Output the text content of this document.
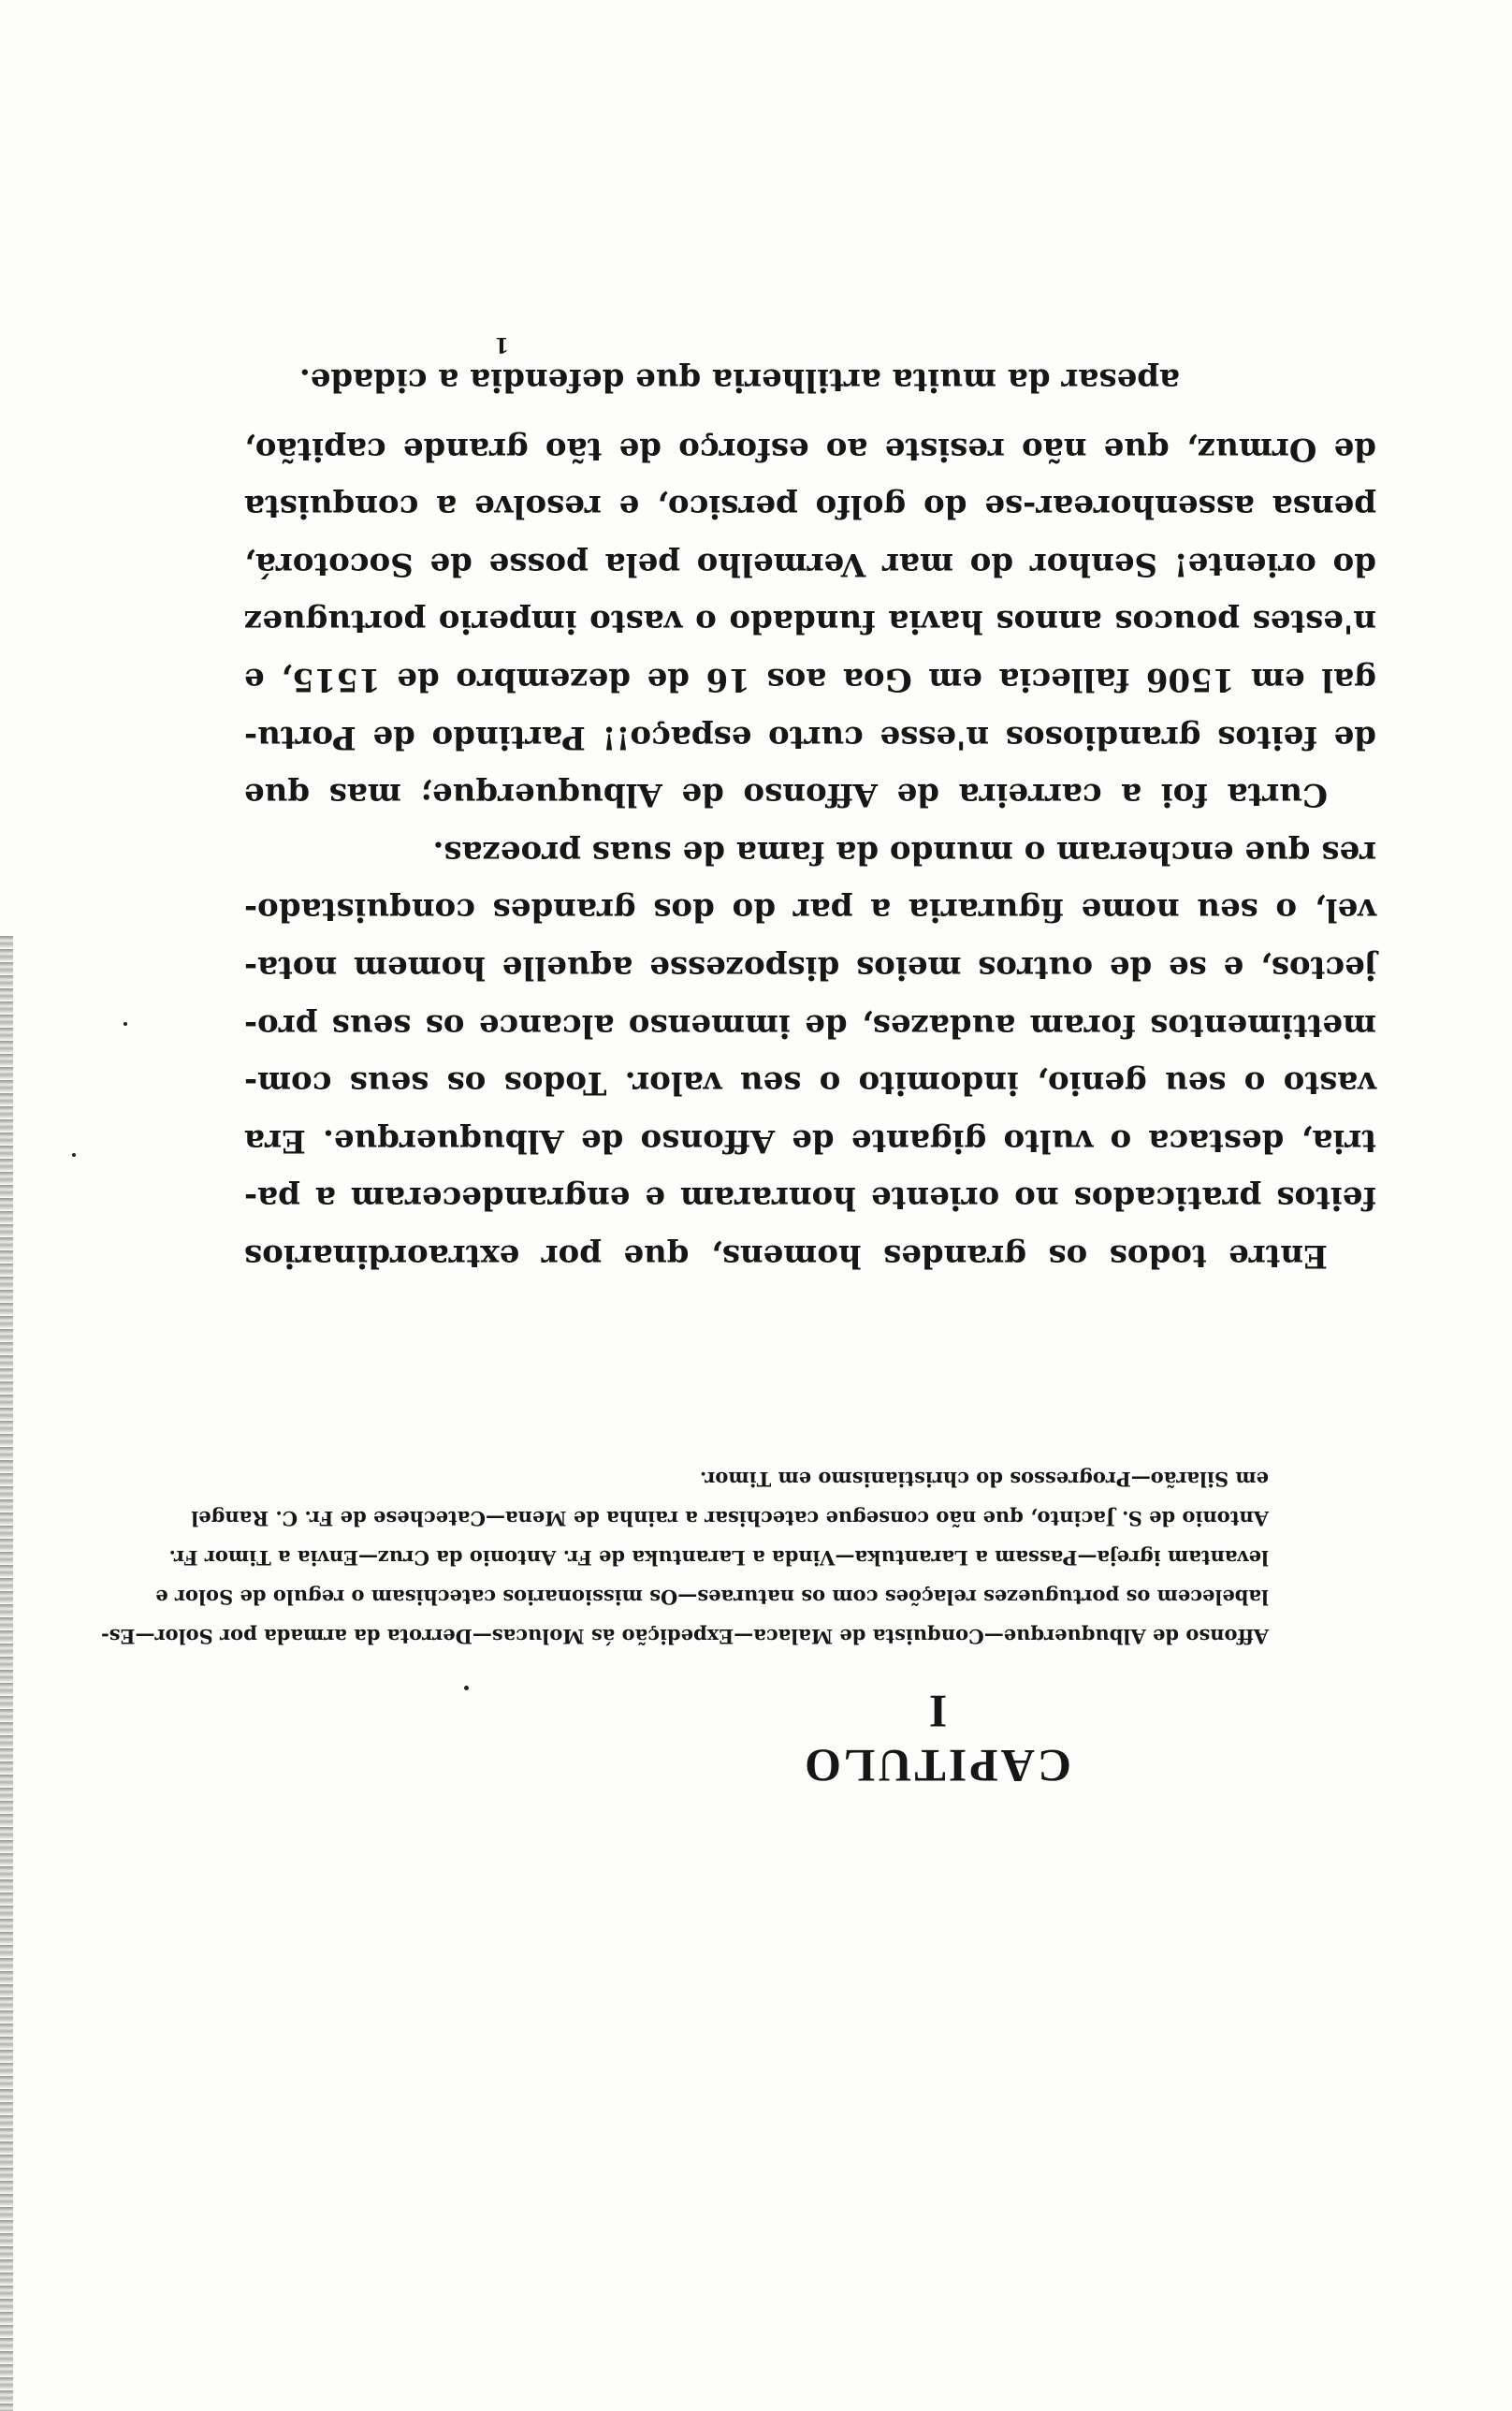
CAPITULO I
Affonso de Albuquerque—Conquista de Malaca—Expedição ás Molucas—Derrota da armada por Solor—Es-
labelecem os portuguezes relações com os naturaes—Os missionarios catechisam o regulo de Solor e
levantam igreja—Passam a Larantuka—Vinda a Larantuka de Fr. Antonio da Cruz—Envia a Timor Fr.
Antonio de S. Jacinto, que não consegue catechisar a rainha de Mena—Catechese de Fr. C. Rangel
em Silarão—Progressos do christianismo em Timor.
Entre todos os grandes homens, que por extraordinarios
feitos praticados no oriente honraram e engrandeceram a pa-
tria, destaca o vulto gigante de Affonso de Albuquerque. Era
vasto o seu genio, indomito o seu valor. Todos os seus com-
mettimentos foram audazes, de immenso alcance os seus pro-
jectos, e se de outros meios dispozesse aquelle homem nota-
vel, o seu nome figuraria a par do dos grandes conquistado-
res que encheram o mundo da fama de suas proezas.
Curta foi a carreira de Affonso de Albuquerque; mas que
de feitos grandiosos n'esse curto espaço!! Partindo de Portu-
gal em 1506 fallecia em Goa aos 16 de dezembro de 1515, e
n'estes poucos annos havia fundado o vasto imperio portuguez
do oriente! Senhor do mar Vermelho pela posse de Socotorá,
pensa assenhorear-se do golfo persico, e resolve a conquista
de Ormuz, que não resiste ao esforço de tão grande capitão,
apesar da muita artilheria que defendia a cidade.
1
